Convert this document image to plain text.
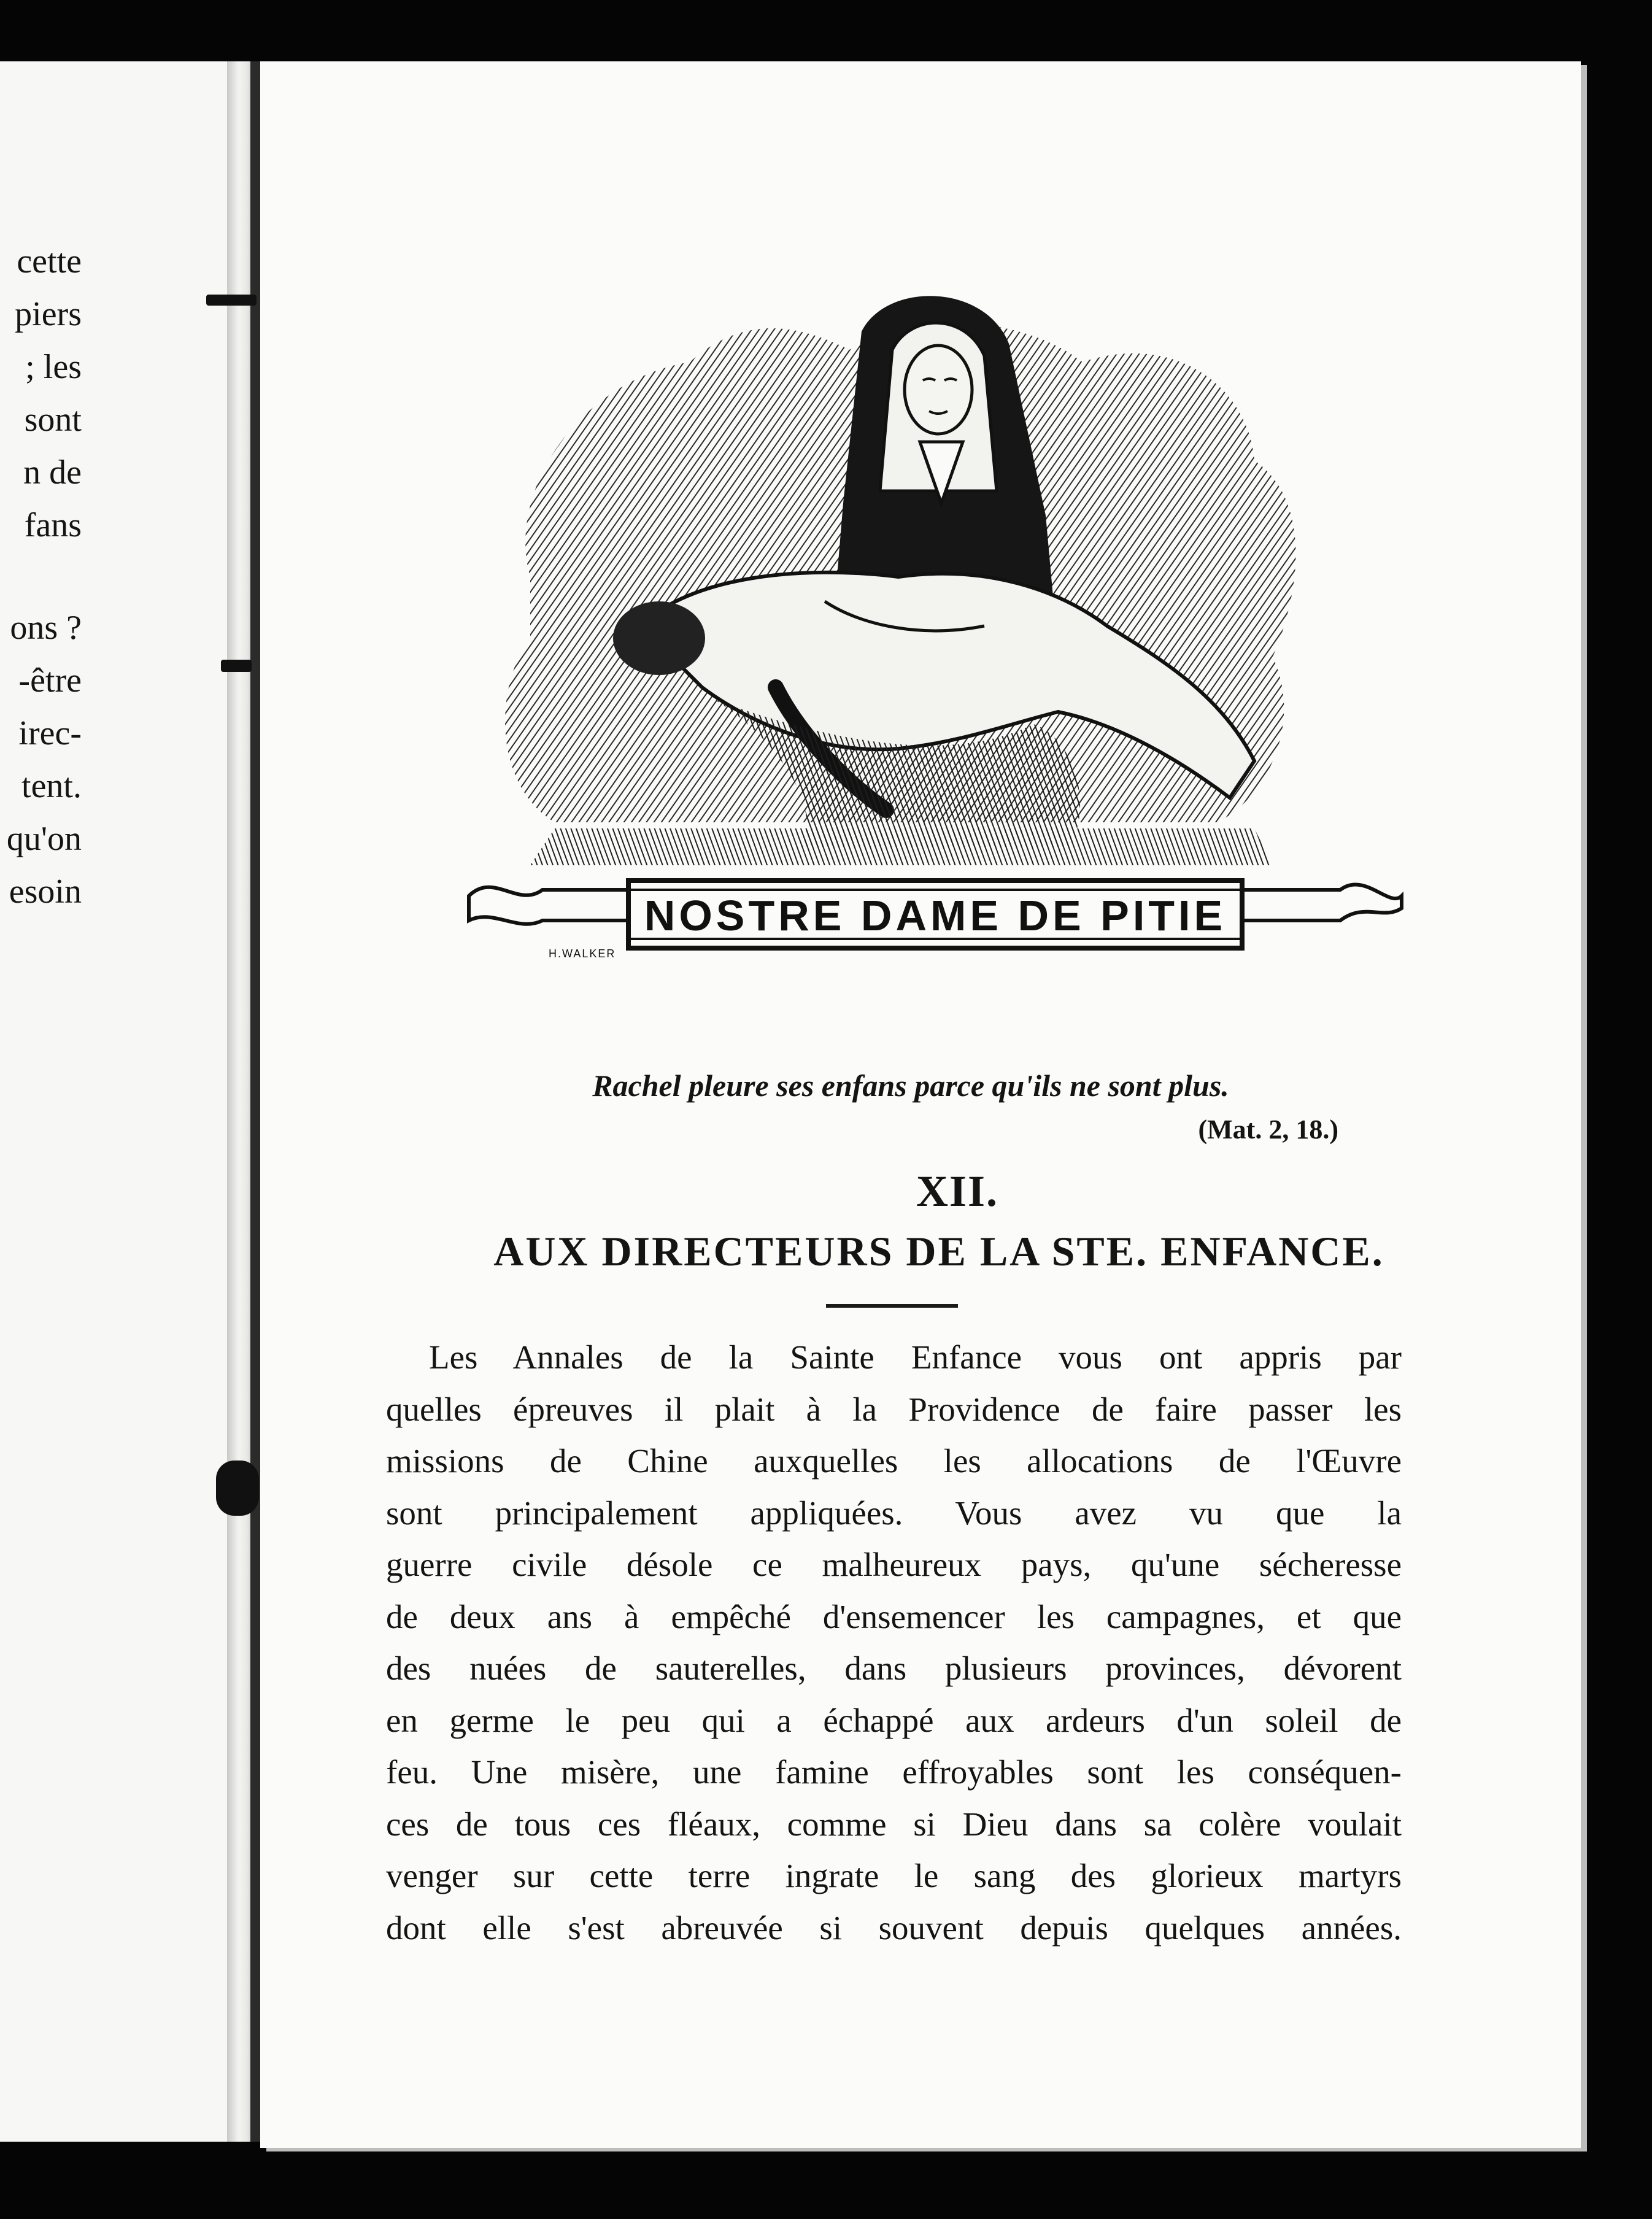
cette
piers
; les
sont
n de
fans
ons ?
-être
irec-
tent.
qu'on
esoin	NOSTRE DAME DE PITIE
H.WALKER
Rachel pleure ses enfans parce qu'ils ne sont plus.
(Mat. 2, 18.)
XII.
AUX DIRECTEURS DE LA STE. ENFANCE.
Les Annales de la Sainte Enfance vous ont appris par
quelles épreuves il plait à la Providence de faire passer les
missions de Chine auxquelles les allocations de l'Œuvre
sont principalement appliquées. Vous avez vu que la
guerre civile désole ce malheureux pays, qu'une sécheresse
de deux ans à empêché d'ensemencer les campagnes, et que
des nuées de sauterelles, dans plusieurs provinces, dévorent
en germe le peu qui a échappé aux ardeurs d'un soleil de
feu. Une misère, une famine effroyables sont les conséquen-
ces de tous ces fléaux, comme si Dieu dans sa colère voulait
venger sur cette terre ingrate le sang des glorieux martyrs
dont elle s'est abreuvée si souvent depuis quelques années.
